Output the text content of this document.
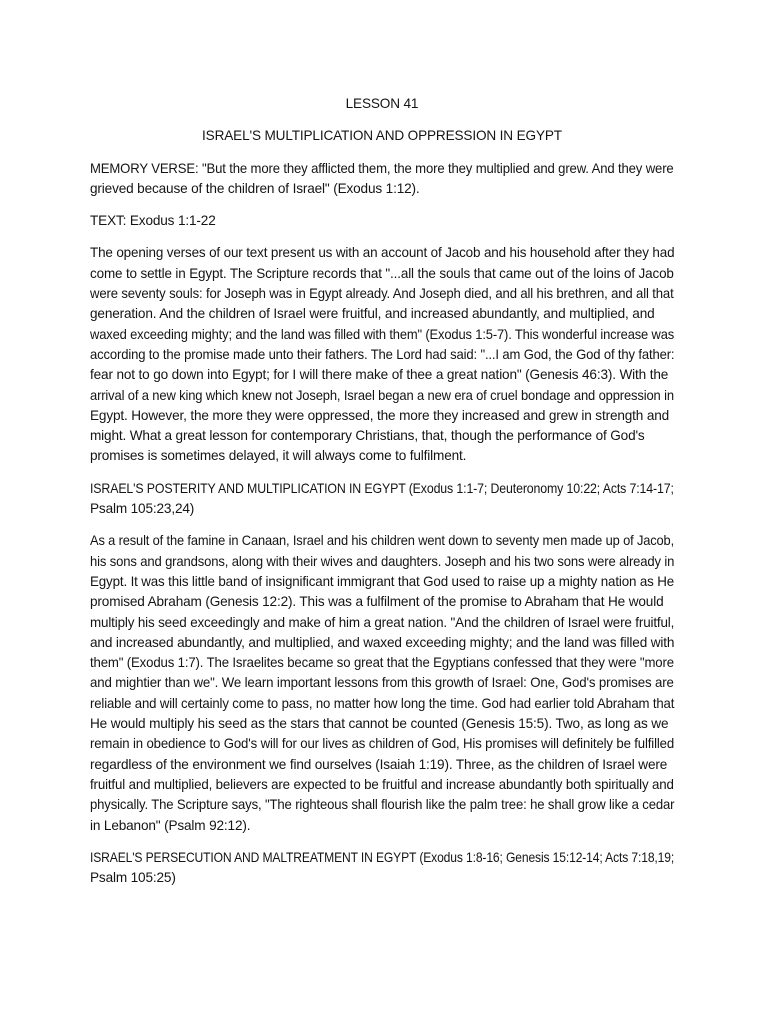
LESSON 41
ISRAEL'S MULTIPLICATION AND OPPRESSION IN EGYPT
MEMORY VERSE: "But the more they afflicted them, the more they multiplied and grew. And they were
grieved because of the children of Israel" (Exodus 1:12).
TEXT: Exodus 1:1-22
The opening verses of our text present us with an account of Jacob and his household after they had
come to settle in Egypt. The Scripture records that "...all the souls that came out of the loins of Jacob
were seventy souls: for Joseph was in Egypt already. And Joseph died, and all his brethren, and all that
generation. And the children of Israel were fruitful, and increased abundantly, and multiplied, and
waxed exceeding mighty; and the land was filled with them" (Exodus 1:5-7). This wonderful increase was
according to the promise made unto their fathers. The Lord had said: "...I am God, the God of thy father:
fear not to go down into Egypt; for I will there make of thee a great nation" (Genesis 46:3). With the
arrival of a new king which knew not Joseph, Israel began a new era of cruel bondage and oppression in
Egypt. However, the more they were oppressed, the more they increased and grew in strength and
might. What a great lesson for contemporary Christians, that, though the performance of God's
promises is sometimes delayed, it will always come to fulfilment.
ISRAEL'S POSTERITY AND MULTIPLICATION IN EGYPT (Exodus 1:1-7; Deuteronomy 10:22; Acts 7:14-17;
Psalm 105:23,24)
As a result of the famine in Canaan, Israel and his children went down to seventy men made up of Jacob,
his sons and grandsons, along with their wives and daughters. Joseph and his two sons were already in
Egypt. It was this little band of insignificant immigrant that God used to raise up a mighty nation as He
promised Abraham (Genesis 12:2). This was a fulfilment of the promise to Abraham that He would
multiply his seed exceedingly and make of him a great nation. "And the children of Israel were fruitful,
and increased abundantly, and multiplied, and waxed exceeding mighty; and the land was filled with
them" (Exodus 1:7). The Israelites became so great that the Egyptians confessed that they were "more
and mightier than we". We learn important lessons from this growth of Israel: One, God's promises are
reliable and will certainly come to pass, no matter how long the time. God had earlier told Abraham that
He would multiply his seed as the stars that cannot be counted (Genesis 15:5). Two, as long as we
remain in obedience to God's will for our lives as children of God, His promises will definitely be fulfilled
regardless of the environment we find ourselves (Isaiah 1:19). Three, as the children of Israel were
fruitful and multiplied, believers are expected to be fruitful and increase abundantly both spiritually and
physically. The Scripture says, "The righteous shall flourish like the palm tree: he shall grow like a cedar
in Lebanon" (Psalm 92:12).
ISRAEL'S PERSECUTION AND MALTREATMENT IN EGYPT (Exodus 1:8-16; Genesis 15:12-14; Acts 7:18,19;
Psalm 105:25)
